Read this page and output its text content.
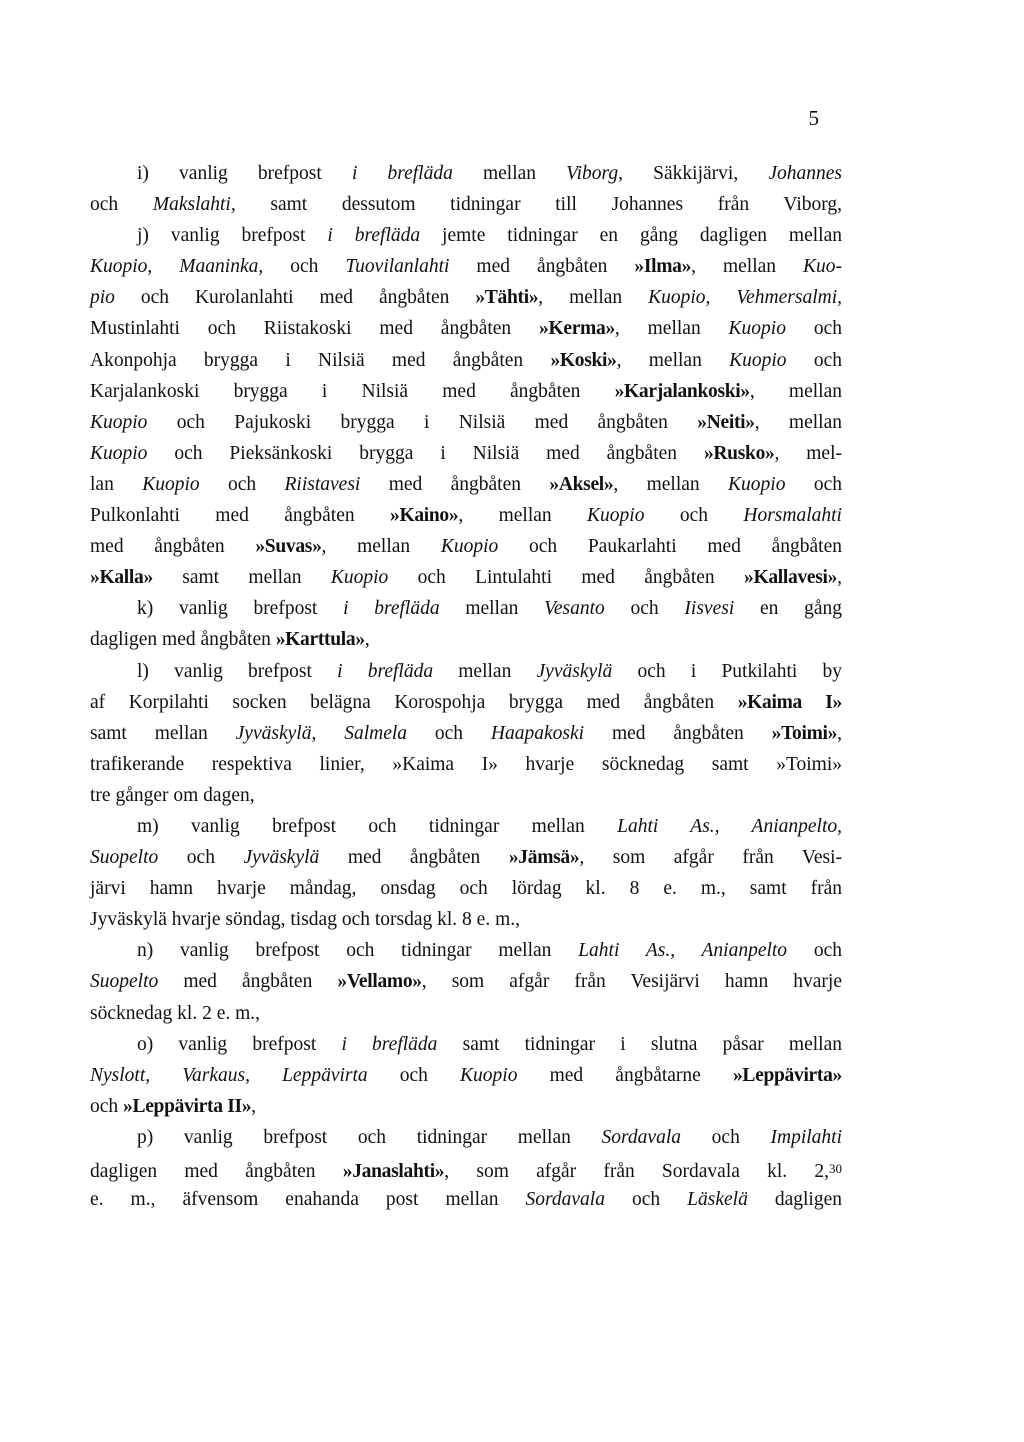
5
i) vanlig brefpost i brefläda mellan Viborg, Säkkijärvi, Johannes
och Makslahti, samt dessutom tidningar till Johannes från Viborg,
j) vanlig brefpost i brefläda jemte tidningar en gång dagligen mellan
Kuopio, Maaninka, och Tuovilanlahti med ångbåten »Ilma», mellan Kuo-
pio och Kurolanlahti med ångbåten »Tähti», mellan Kuopio, Vehmersalmi,
Mustinlahti och Riistakoski med ångbåten »Kerma», mellan Kuopio och
Akonpohja brygga i Nilsiä med ångbåten »Koski», mellan Kuopio och
Karjalankoski brygga i Nilsiä med ångbåten »Karjalankoski», mellan
Kuopio och Pajukoski brygga i Nilsiä med ångbåten »Neiti», mellan
Kuopio och Pieksänkoski brygga i Nilsiä med ångbåten »Rusko», mel-
lan Kuopio och Riistavesi med ångbåten »Aksel», mellan Kuopio och
Pulkonlahti med ångbåten »Kaino», mellan Kuopio och Horsmalahti
med ångbåten »Suvas», mellan Kuopio och Paukarlahti med ångbåten
»Kalla» samt mellan Kuopio och Lintulahti med ångbåten »Kallavesi»,
k) vanlig brefpost i brefläda mellan Vesanto och Iisvesi en gång
dagligen med ångbåten »Karttula»,
l) vanlig brefpost i brefläda mellan Jyväskylä och i Putkilahti by
af Korpilahti socken belägna Korospohja brygga med ångbåten »Kaima I»
samt mellan Jyväskylä, Salmela och Haapakoski med ångbåten »Toimi»,
trafikerande respektiva linier, »Kaima I» hvarje söcknedag samt »Toimi»
tre gånger om dagen,
m) vanlig brefpost och tidningar mellan Lahti As., Anianpelto,
Suopelto och Jyväskylä med ångbåten »Jämsä», som afgår från Vesi-
järvi hamn hvarje måndag, onsdag och lördag kl. 8 e. m., samt från
Jyväskylä hvarje söndag, tisdag och torsdag kl. 8 e. m.,
n) vanlig brefpost och tidningar mellan Lahti As., Anianpelto och
Suopelto med ångbåten »Vellamo», som afgår från Vesijärvi hamn hvarje
söcknedag kl. 2 e. m.,
o) vanlig brefpost i brefläda samt tidningar i slutna påsar mellan
Nyslott, Varkaus, Leppävirta och Kuopio med ångbåtarne »Leppävirta»
och »Leppävirta II»,
p) vanlig brefpost och tidningar mellan Sordavala och Impilahti
dagligen med ångbåten »Janaslahti», som afgår från Sordavala kl. 2,30
e. m., äfvensom enahanda post mellan Sordavala och Läskelä dagligen
